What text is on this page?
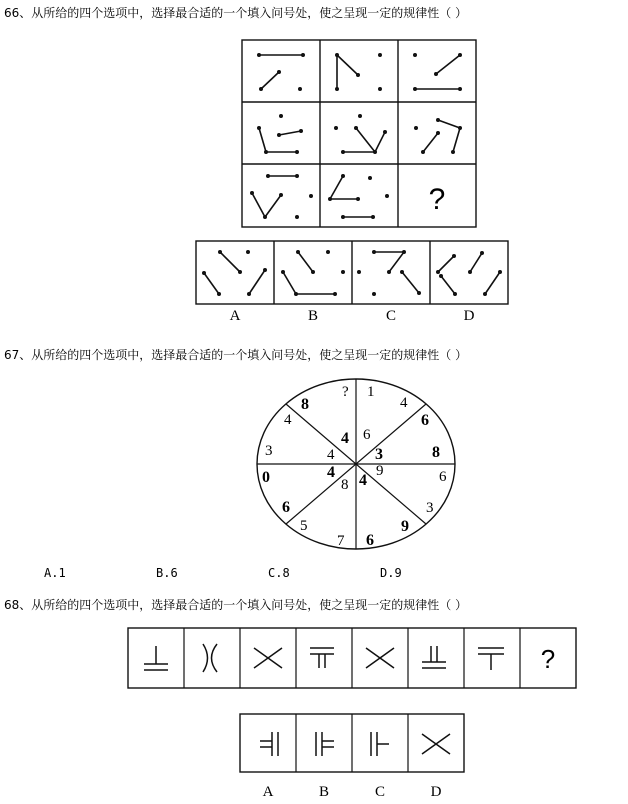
66、从所给的四个选项中，选择最合适的一个填入问号处，使之呈现一定的规律性（ ）
67、从所给的四个选项中，选择最合适的一个填入问号处，使之呈现一定的规律性（ ）
68、从所给的四个选项中，选择最合适的一个填入问号处，使之呈现一定的规律性（ ）
?
A	B	C	D
? 1
4
6
8
6
3
9
6
7
5
6
0
3
4
8
4 6
3
9
4
8
4
4
?
A	B	C	D
A.1	B.6	C.8	D.9
